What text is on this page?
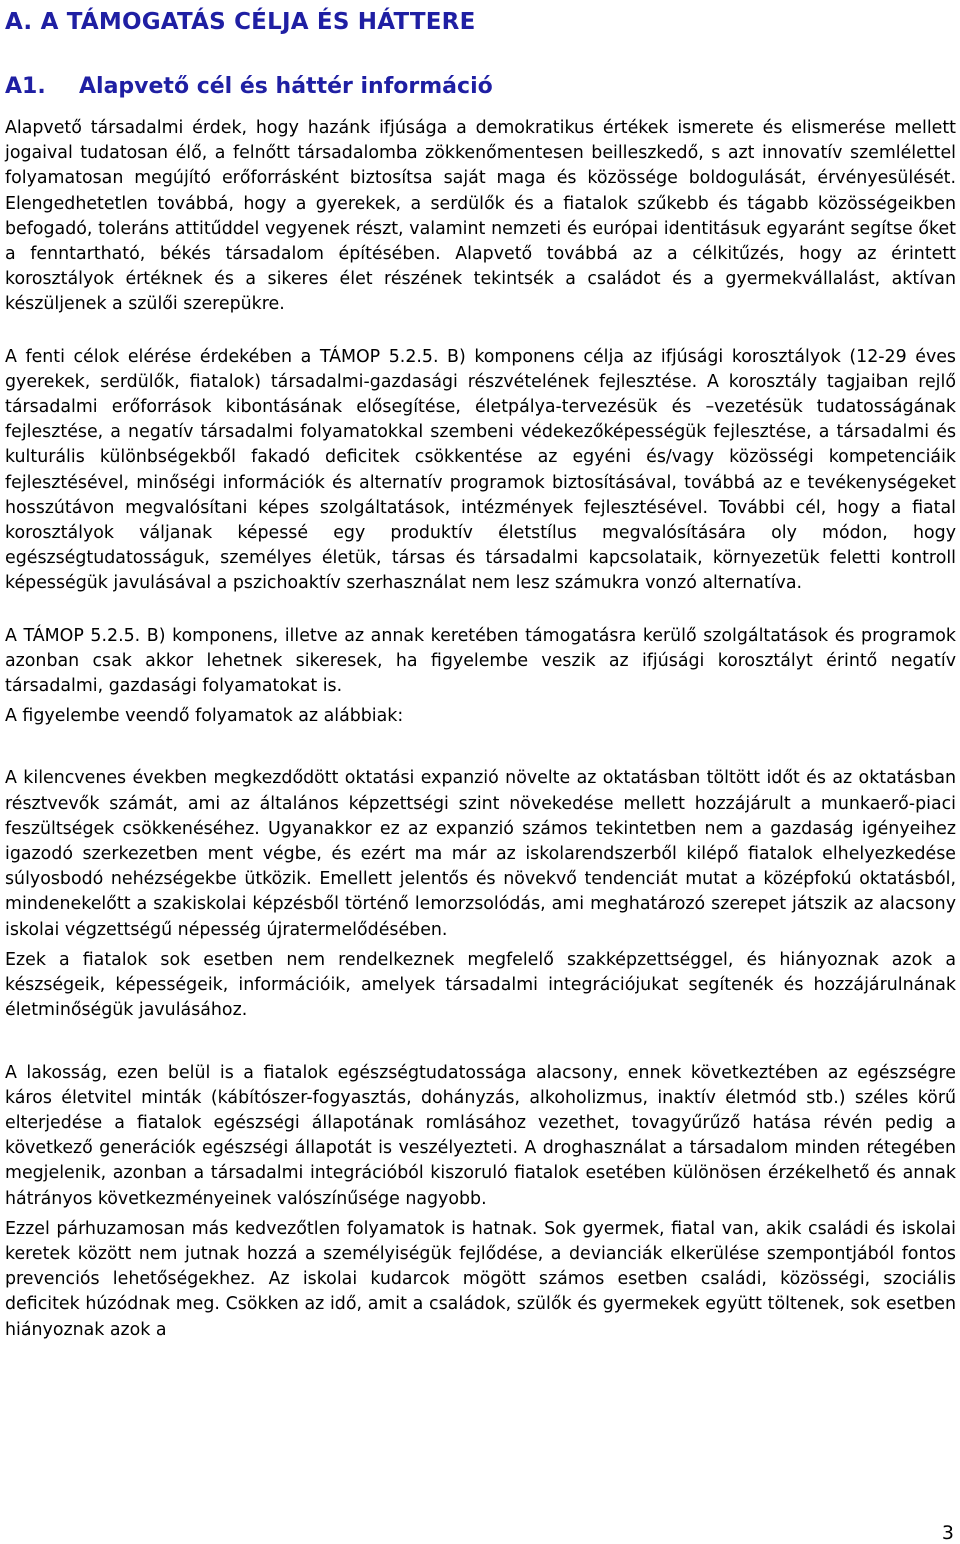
A. A TÁMOGATÁS CÉLJA ÉS HÁTTERE
A1. Alapvető cél és háttér információ

Alapvető társadalmi érdek, hogy hazánk ifjúsága a demokratikus értékek ismerete és elismerése mellett jogaival tudatosan élő, a felnőtt társadalomba zökkenőmentesen beilleszkedő, s azt innovatív szemlélettel folyamatosan megújító erőforrásként biztosítsa saját maga és közössége boldogulását, érvényesülését. Elengedhetetlen továbbá, hogy a gyerekek, a serdülők és a fiatalok szűkebb és tágabb közösségeikben befogadó, toleráns attitűddel vegyenek részt, valamint nemzeti és európai identitásuk egyaránt segítse őket a fenntartható, békés társadalom építésében. Alapvető továbbá az a célkitűzés, hogy az érintett korosztályok értéknek és a sikeres élet részének tekintsék a családot és a gyermekvállalást, aktívan készüljenek a szülői szerepükre.

A fenti célok elérése érdekében a TÁMOP 5.2.5. B) komponens célja az ifjúsági korosztályok (12-29 éves gyerekek, serdülők, fiatalok) társadalmi-gazdasági részvételének fejlesztése. A korosztály tagjaiban rejlő társadalmi erőforrások kibontásának elősegítése, életpálya-tervezésük és –vezetésük tudatosságának fejlesztése, a negatív társadalmi folyamatokkal szembeni védekezőképességük fejlesztése, a társadalmi és kulturális különbségekből fakadó deficitek csökkentése az egyéni és/vagy közösségi kompetenciáik fejlesztésével, minőségi információk és alternatív programok biztosításával, továbbá az e tevékenységeket hosszútávon megvalósítani képes szolgáltatások, intézmények fejlesztésével. További cél, hogy a fiatal korosztályok váljanak képessé egy produktív életstílus megvalósítására oly módon, hogy egészségtudatosságuk, személyes életük, társas és társadalmi kapcsolataik, környezetük feletti kontroll képességük javulásával a pszichoaktív szerhasználat nem lesz számukra vonzó alternatíva.

A TÁMOP 5.2.5. B) komponens, illetve az annak keretében támogatásra kerülő szolgáltatások és programok azonban csak akkor lehetnek sikeresek, ha figyelembe veszik az ifjúsági korosztályt érintő negatív társadalmi, gazdasági folyamatokat is.

A figyelembe veendő folyamatok az alábbiak:

A kilencvenes években megkezdődött oktatási expanzió növelte az oktatásban töltött időt és az oktatásban résztvevők számát, ami az általános képzettségi szint növekedése mellett hozzájárult a munkaerő-piaci feszültségek csökkenéséhez. Ugyanakkor ez az expanzió számos tekintetben nem a gazdaság igényeihez igazodó szerkezetben ment végbe, és ezért ma már az iskolarendszerből kilépő fiatalok elhelyezkedése súlyosbodó nehézségekbe ütközik. Emellett jelentős és növekvő tendenciát mutat a középfokú oktatásból, mindenekelőtt a szakiskolai képzésből történő lemorzsolódás, ami meghatározó szerepet játszik az alacsony iskolai végzettségű népesség újratermelődésében.

Ezek a fiatalok sok esetben nem rendelkeznek megfelelő szakképzettséggel, és hiányoznak azok a készségeik, képességeik, információik, amelyek társadalmi integrációjukat segítenék és hozzájárulnának életminőségük javulásához.

A lakosság, ezen belül is a fiatalok egészségtudatossága alacsony, ennek következtében az egészségre káros életvitel minták (kábítószer-fogyasztás, dohányzás, alkoholizmus, inaktív életmód stb.) széles körű elterjedése a fiatalok egészségi állapotának romlásához vezethet, tovagyűrűző hatása révén pedig a következő generációk egészségi állapotát is veszélyezteti. A droghasználat a társadalom minden rétegében megjelenik, azonban a társadalmi integrációból kiszoruló fiatalok esetében különösen érzékelhető és annak hátrányos következményeinek valószínűsége nagyobb.

Ezzel párhuzamosan más kedvezőtlen folyamatok is hatnak. Sok gyermek, fiatal van, akik családi és iskolai keretek között nem jutnak hozzá a személyiségük fejlődése, a devianciák elkerülése szempontjából fontos prevenciós lehetőségekhez. Az iskolai kudarcok mögött számos esetben családi, közösségi, szociális deficitek húzódnak meg. Csökken az idő, amit a családok, szülők és gyermekek együtt töltenek, sok esetben hiányoznak azok a

3
